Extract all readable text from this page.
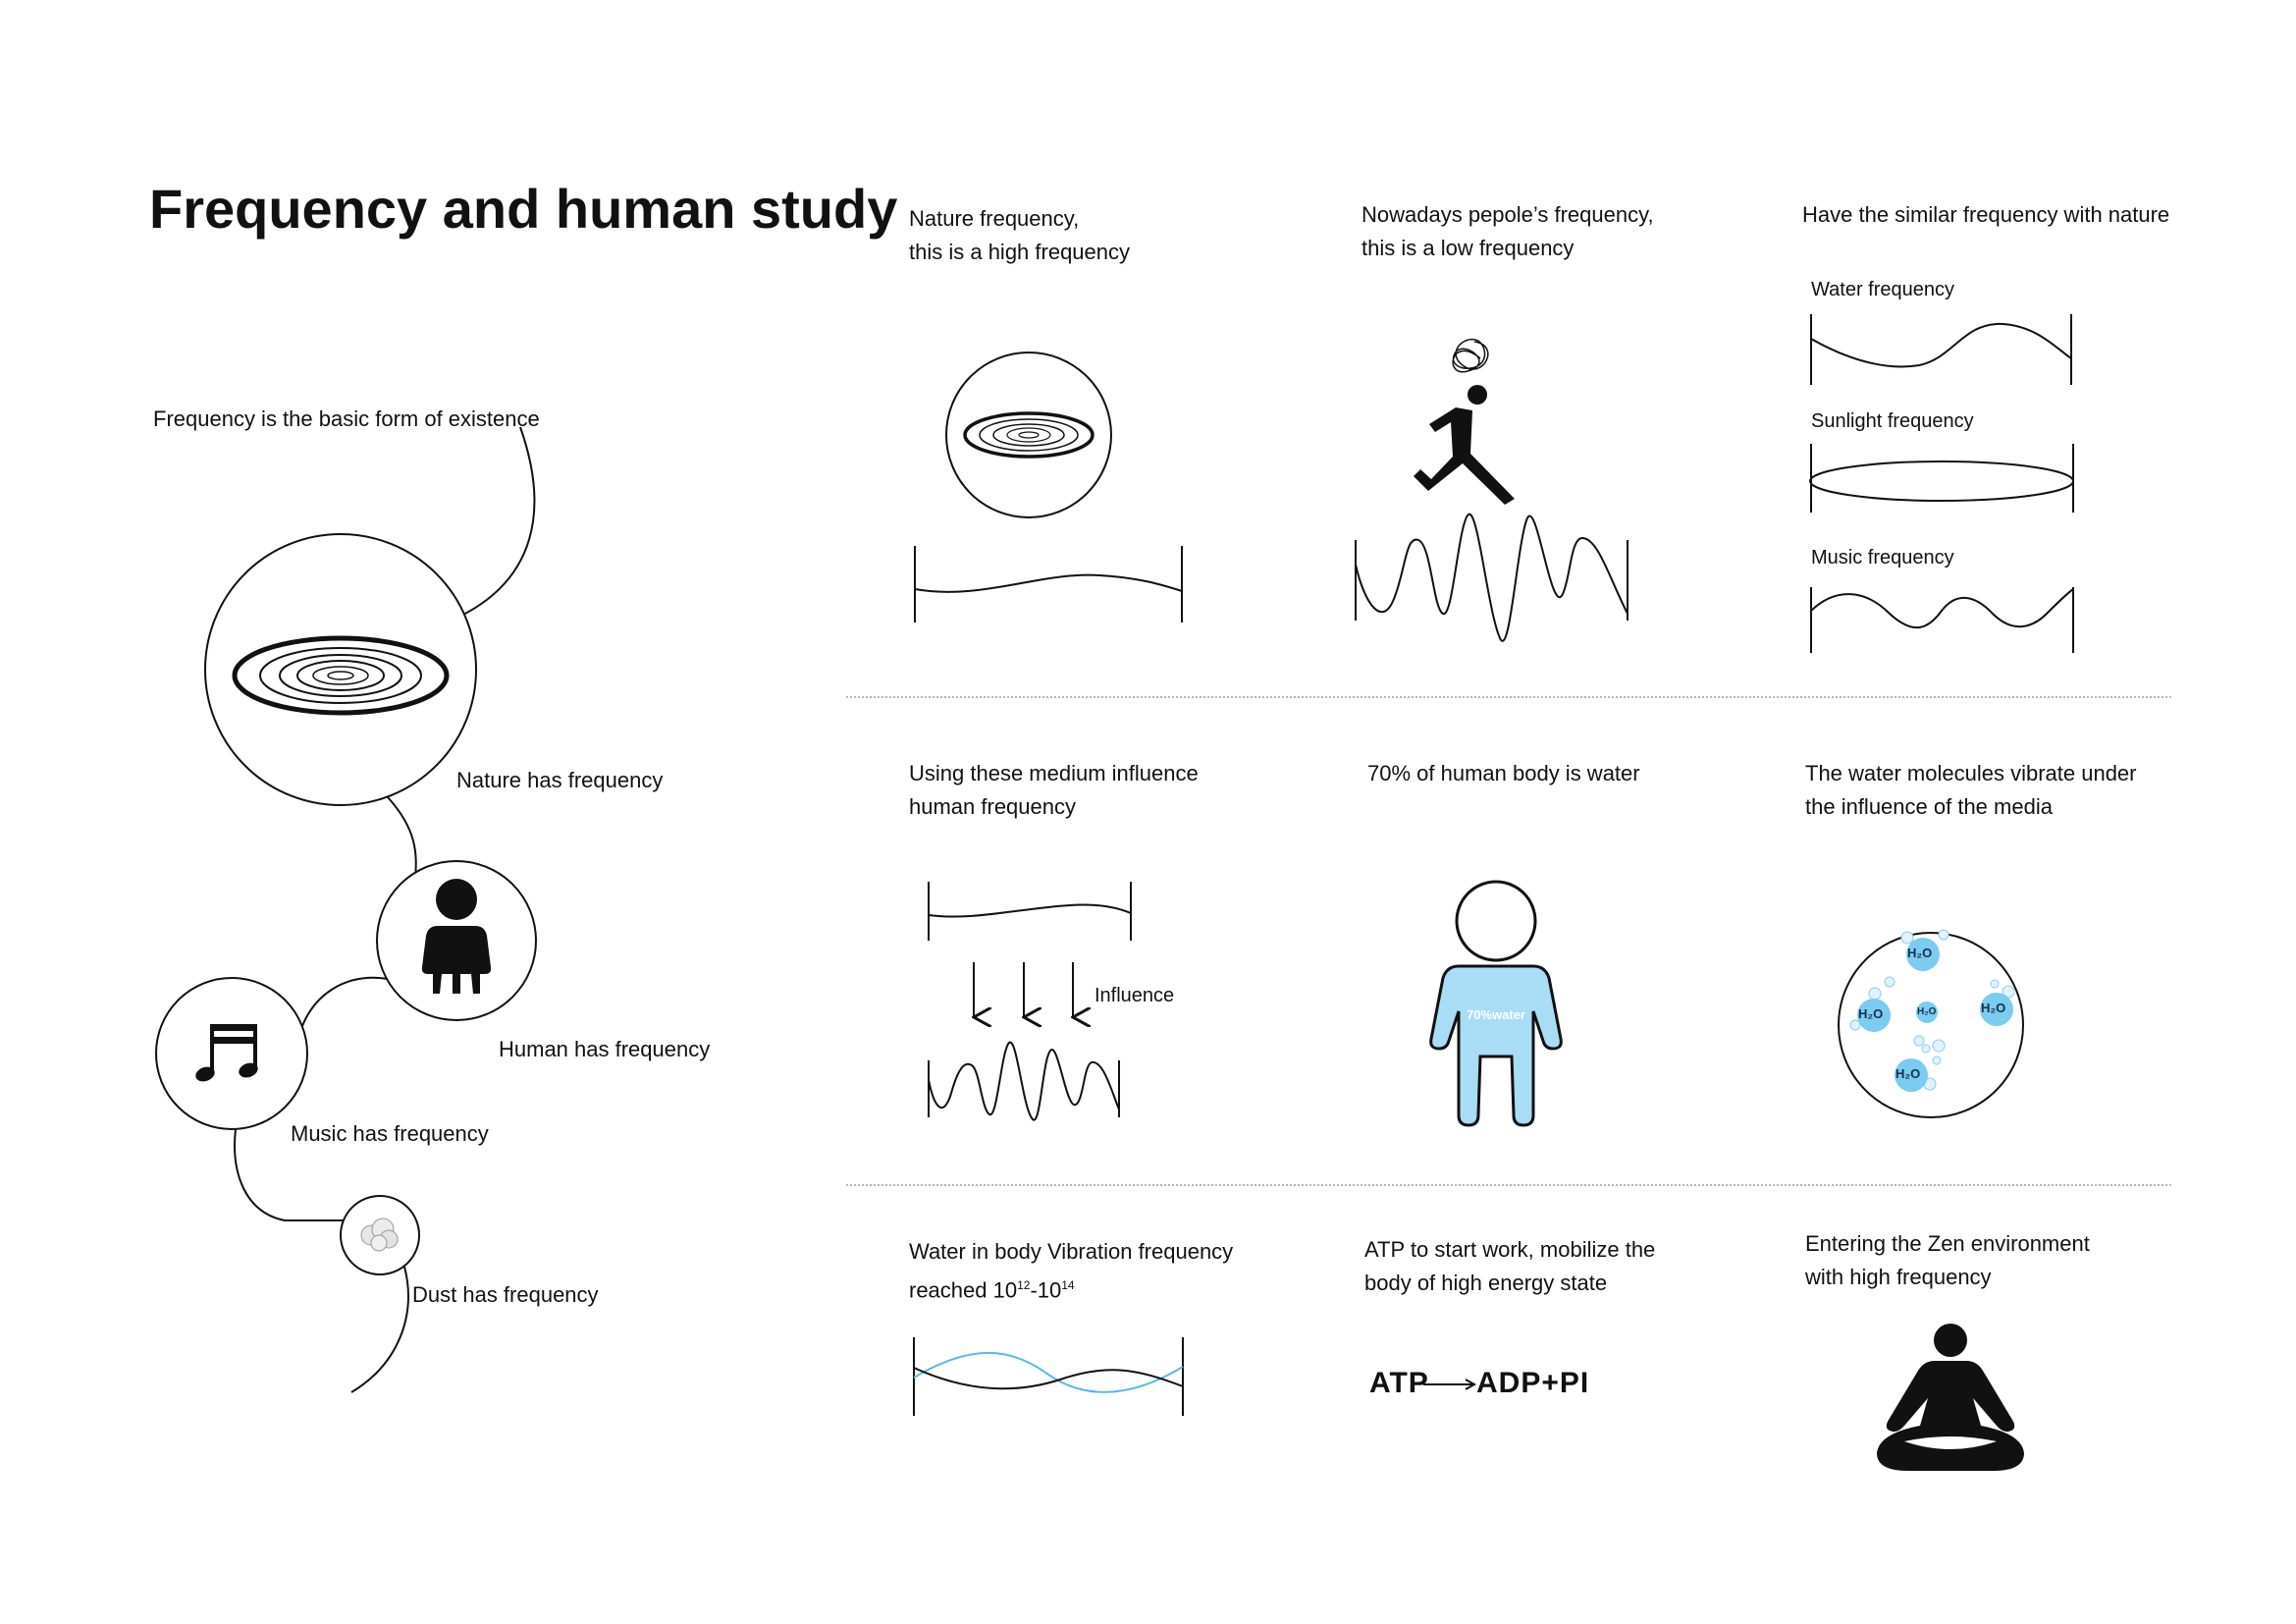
Frequency and human study
Frequency is the basic form of existence
Nature has frequency
Human has frequency
Music has frequency
Dust has frequency
Nature frequency,
this is a high frequency
Nowadays pepole’s frequency,
this is a low frequency
Have the similar frequency with nature
Water frequency
Sunlight frequency
Music frequency
Using these medium influence
human frequency
70% of human body is water	The water molecules vibrate under
the influence of the media
Influence
Water in body Vibration frequency
reached $10^{12}-10^{14}$
ATP to start work, mobilize the
body of high energy state
Entering the Zen environment
with high frequency
ATP ADP+PI
H₂O
H₂O	H₂O	H₂O
H₂O
70%water
